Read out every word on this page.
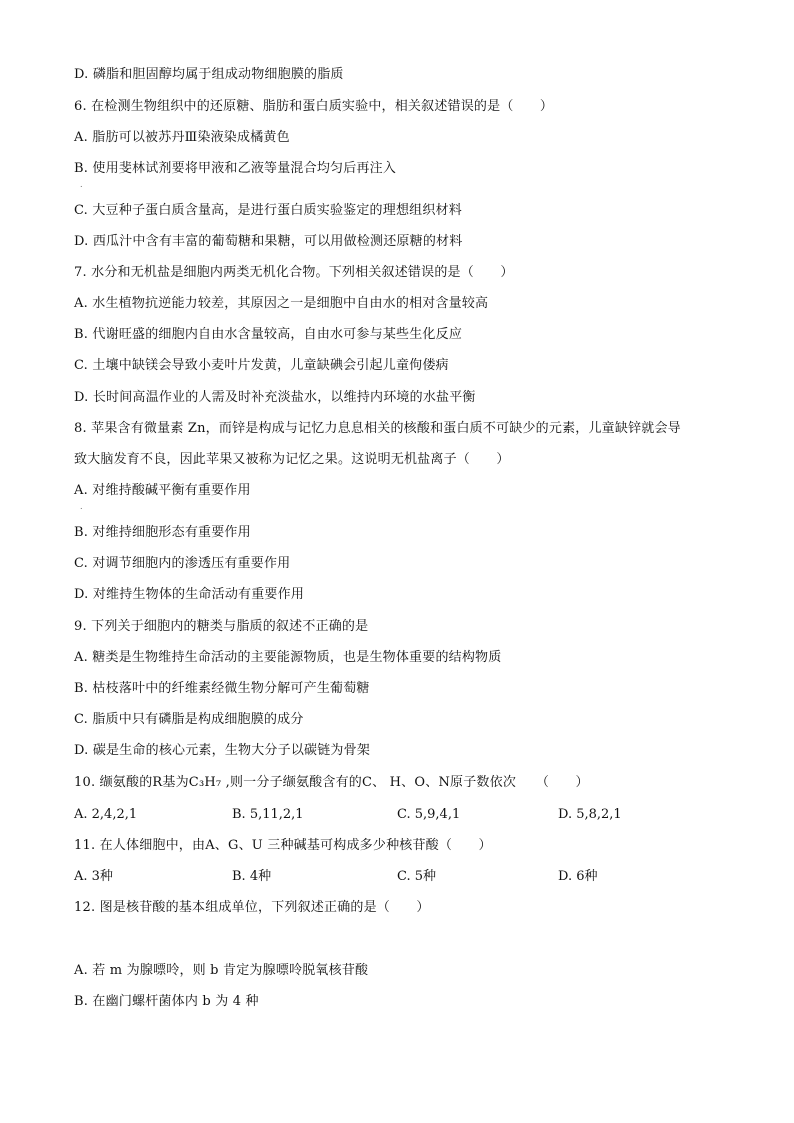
D. 磷脂和胆固醇均属于组成动物细胞膜的脂质
6. 在检测生物组织中的还原糖、脂肪和蛋白质实验中，相关叙述错误的是（　　）
A. 脂肪可以被苏丹Ⅲ染液染成橘黄色
B. 使用斐林试剂要将甲液和乙液等量混合均匀后再注入
.
C. 大豆种子蛋白质含量高，是进行蛋白质实验鉴定的理想组织材料
D. 西瓜汁中含有丰富的葡萄糖和果糖，可以用做检测还原糖的材料
7. 水分和无机盐是细胞内两类无机化合物。下列相关叙述错误的是（　　）
A. 水生植物抗逆能力较差，其原因之一是细胞中自由水的相对含量较高
B. 代谢旺盛的细胞内自由水含量较高，自由水可参与某些生化反应
C. 土壤中缺镁会导致小麦叶片发黄，儿童缺碘会引起儿童佝偻病
D. 长时间高温作业的人需及时补充淡盐水，以维持内环境的水盐平衡
8. 苹果含有微量素 Zn，而锌是构成与记忆力息息相关的核酸和蛋白质不可缺少的元素，儿童缺锌就会导
致大脑发育不良，因此苹果又被称为记忆之果。这说明无机盐离子（　　）
A. 对维持酸碱平衡有重要作用
.
B. 对维持细胞形态有重要作用
C. 对调节细胞内的渗透压有重要作用
D. 对维持生物体的生命活动有重要作用
9. 下列关于细胞内的糖类与脂质的叙述不正确的是
A. 糖类是生物维持生命活动的主要能源物质，也是生物体重要的结构物质
B. 枯枝落叶中的纤维素经微生物分解可产生葡萄糖
C. 脂质中只有磷脂是构成细胞膜的成分
D. 碳是生命的核心元素，生物大分子以碳链为骨架
10. 缬氨酸的R基为C₃H₇ ,则一分子缬氨酸含有的C、 H、O、N原子数依次　　（　　）
A. 2,4,2,1	B. 5,11,2,1	C. 5,9,4,1	D. 5,8,2,1
11. 在人体细胞中，由A、G、U 三种碱基可构成多少种核苷酸（　　）
A. 3种	B. 4种	C. 5种	D. 6种
12. 图是核苷酸的基本组成单位，下列叙述正确的是（　　）
A. 若 m 为腺嘌呤，则 b 肯定为腺嘌呤脱氧核苷酸
B. 在幽门螺杆菌体内 b 为 4 种
